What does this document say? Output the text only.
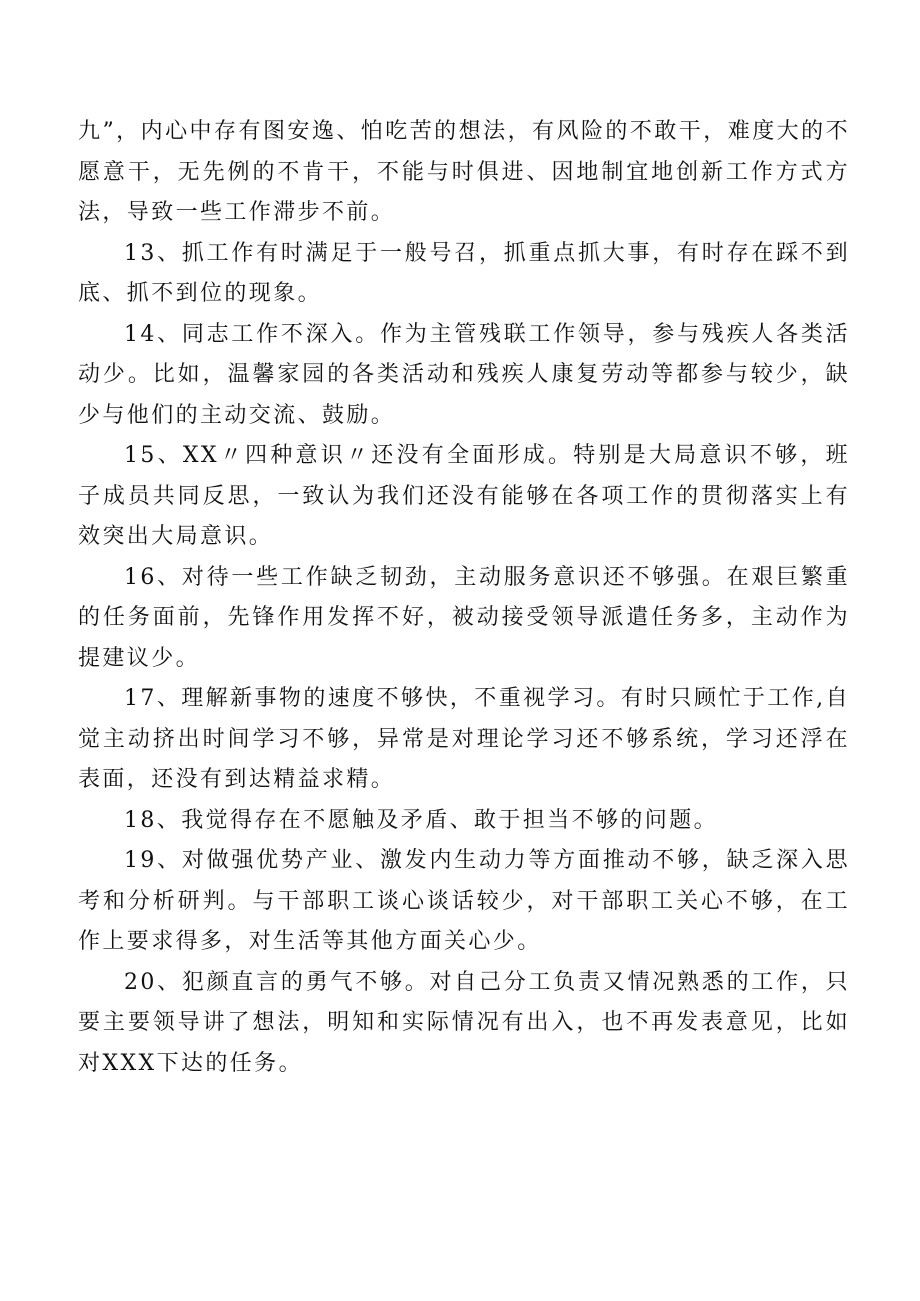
九”，内心中存有图安逸、怕吃苦的想法，有风险的不敢干，难度大的不愿意干，无先例的不肯干，不能与时俱进、因地制宜地创新工作方式方法，导致一些工作滞步不前。

13、抓工作有时满足于一般号召，抓重点抓大事，有时存在踩不到底、抓不到位的现象。

14、同志工作不深入。作为主管残联工作领导，参与残疾人各类活动少。比如，温馨家园的各类活动和残疾人康复劳动等都参与较少，缺少与他们的主动交流、鼓励。

15、XX〃四种意识〃还没有全面形成。特别是大局意识不够，班子成员共同反思，一致认为我们还没有能够在各项工作的贯彻落实上有效突出大局意识。

16、对待一些工作缺乏韧劲，主动服务意识还不够强。在艰巨繁重的任务面前，先锋作用发挥不好，被动接受领导派遣任务多，主动作为提建议少。

17、理解新事物的速度不够快，不重视学习。有时只顾忙于工作,自觉主动挤出时间学习不够，异常是对理论学习还不够系统，学习还浮在表面，还没有到达精益求精。

18、我觉得存在不愿触及矛盾、敢于担当不够的问题。

19、对做强优势产业、激发内生动力等方面推动不够，缺乏深入思考和分析研判。与干部职工谈心谈话较少，对干部职工关心不够，在工作上要求得多，对生活等其他方面关心少。

20、犯颜直言的勇气不够。对自己分工负责又情况熟悉的工作，只要主要领导讲了想法，明知和实际情况有出入，也不再发表意见，比如对XXX下达的任务。
